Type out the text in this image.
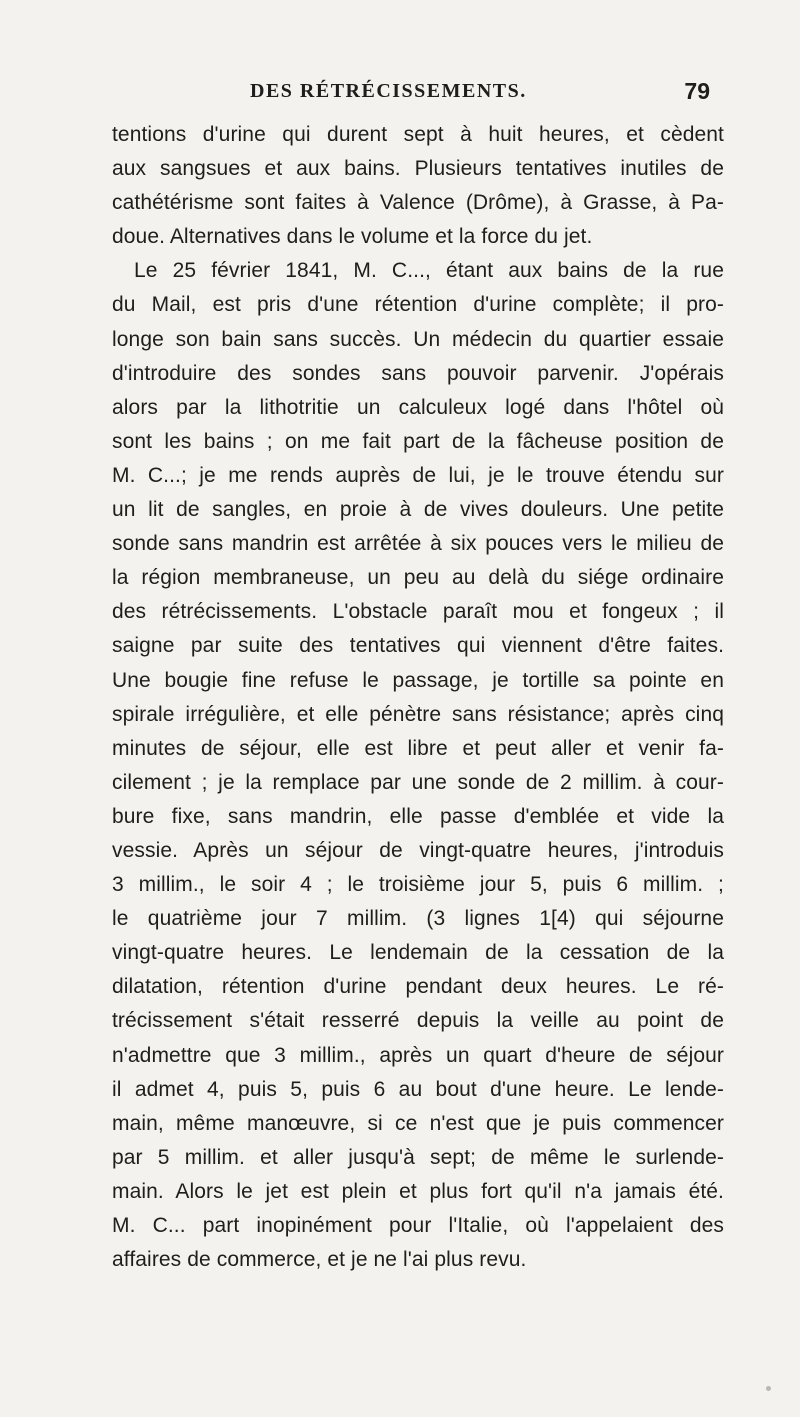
DES RÉTRÉCISSEMENTS.	79
tentions d'urine qui durent sept à huit heures, et cèdent
aux sangsues et aux bains. Plusieurs tentatives inutiles de
cathétérisme sont faites à Valence (Drôme), à Grasse, à Pa-
doue. Alternatives dans le volume et la force du jet.
Le 25 février 1841, M. C..., étant aux bains de la rue
du Mail, est pris d'une rétention d'urine complète; il pro-
longe son bain sans succès. Un médecin du quartier essaie
d'introduire des sondes sans pouvoir parvenir. J'opérais
alors par la lithotritie un calculeux logé dans l'hôtel où
sont les bains ; on me fait part de la fâcheuse position de
M. C...; je me rends auprès de lui, je le trouve étendu sur
un lit de sangles, en proie à de vives douleurs. Une petite
sonde sans mandrin est arrêtée à six pouces vers le milieu de
la région membraneuse, un peu au delà du siége ordinaire
des rétrécissements. L'obstacle paraît mou et fongeux ; il
saigne par suite des tentatives qui viennent d'être faites.
Une bougie fine refuse le passage, je tortille sa pointe en
spirale irrégulière, et elle pénètre sans résistance; après cinq
minutes de séjour, elle est libre et peut aller et venir fa-
cilement ; je la remplace par une sonde de 2 millim. à cour-
bure fixe, sans mandrin, elle passe d'emblée et vide la
vessie. Après un séjour de vingt-quatre heures, j'introduis
3 millim., le soir 4 ; le troisième jour 5, puis 6 millim. ;
le quatrième jour 7 millim. (3 lignes 1[4) qui séjourne
vingt-quatre heures. Le lendemain de la cessation de la
dilatation, rétention d'urine pendant deux heures. Le ré-
trécissement s'était resserré depuis la veille au point de
n'admettre que 3 millim., après un quart d'heure de séjour
il admet 4, puis 5, puis 6 au bout d'une heure. Le lende-
main, même manœuvre, si ce n'est que je puis commencer
par 5 millim. et aller jusqu'à sept; de même le surlende-
main. Alors le jet est plein et plus fort qu'il n'a jamais été.
M. C... part inopinément pour l'Italie, où l'appelaient des
affaires de commerce, et je ne l'ai plus revu.
